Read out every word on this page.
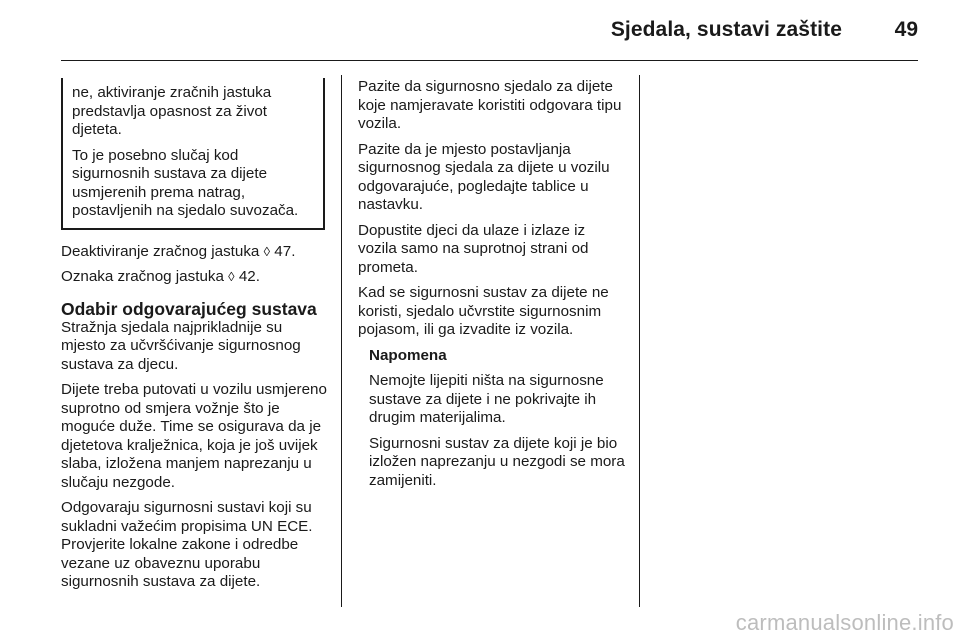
Sjedala, sustavi zaštite	49

ne, aktiviranje zračnih jastuka predstavlja opasnost za život djeteta.

To je posebno slučaj kod sigurnosnih sustava za dijete usmjerenih prema natrag, postavljenih na sjedalo suvozača.

Deaktiviranje zračnog jastuka ◊ 47.

Oznaka zračnog jastuka ◊ 42.

Odabir odgovarajućeg sustava

Stražnja sjedala najprikladnije su mjesto za učvršćivanje sigurnosnog sustava za djecu.

Dijete treba putovati u vozilu usmjereno suprotno od smjera vožnje što je moguće duže. Time se osigurava da je djetetova kralježnica, koja je još uvijek slaba, izložena manjem naprezanju u slučaju nezgode.

Odgovaraju sigurnosni sustavi koji su sukladni važećim propisima UN ECE. Provjerite lokalne zakone i odredbe vezane uz obaveznu uporabu sigurnosnih sustava za dijete.

Pazite da sigurnosno sjedalo za dijete koje namjeravate koristiti odgovara tipu vozila.

Pazite da je mjesto postavljanja sigurnosnog sjedala za dijete u vozilu odgovarajuće, pogledajte tablice u nastavku.

Dopustite djeci da ulaze i izlaze iz vozila samo na suprotnoj strani od prometa.

Kad se sigurnosni sustav za dijete ne koristi, sjedalo učvrstite sigurnosnim pojasom, ili ga izvadite iz vozila.

Napomena

Nemojte lijepiti ništa na sigurnosne sustave za dijete i ne pokrivajte ih drugim materijalima.

Sigurnosni sustav za dijete koji je bio izložen naprezanju u nezgodi se mora zamijeniti.

carmanualsonline.info
